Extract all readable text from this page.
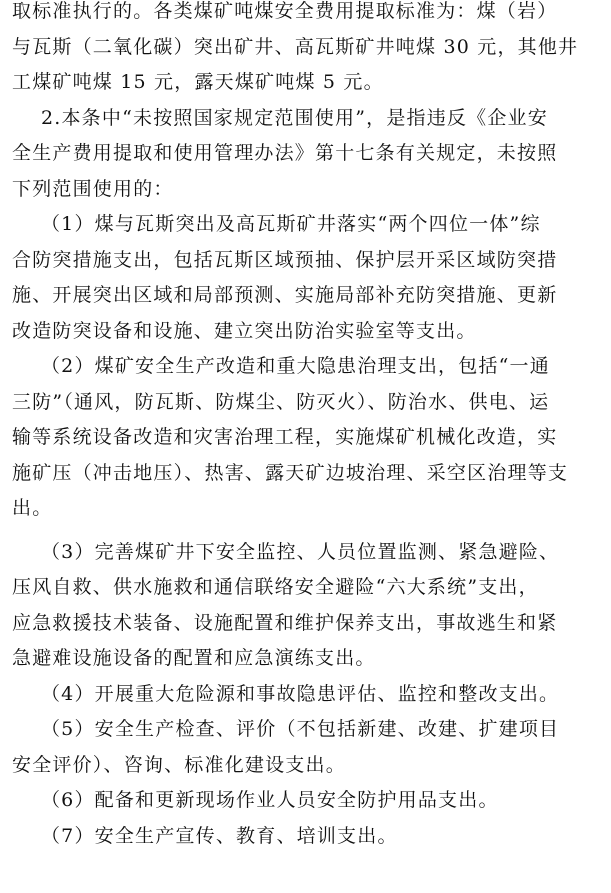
取标准执行的。各类煤矿吨煤安全费用提取标准为：煤（岩）
与瓦斯（二氧化碳）突出矿井、高瓦斯矿井吨煤 30 元，其他井
工煤矿吨煤 15 元，露天煤矿吨煤 5 元。
2.本条中“未按照国家规定范围使用”，是指违反《企业安
全生产费用提取和使用管理办法》第十七条有关规定，未按照
下列范围使用的：
（1）煤与瓦斯突出及高瓦斯矿井落实“两个四位一体”综
合防突措施支出，包括瓦斯区域预抽、保护层开采区域防突措
施、开展突出区域和局部预测、实施局部补充防突措施、更新
改造防突设备和设施、建立突出防治实验室等支出。
（2）煤矿安全生产改造和重大隐患治理支出，包括“一通
三防”（通风，防瓦斯、防煤尘、防灭火）、防治水、供电、运
输等系统设备改造和灾害治理工程，实施煤矿机械化改造，实
施矿压（冲击地压）、热害、露天矿边坡治理、采空区治理等支
出。
（3）完善煤矿井下安全监控、人员位置监测、紧急避险、
压风自救、供水施救和通信联络安全避险“六大系统”支出，
应急救援技术装备、设施配置和维护保养支出，事故逃生和紧
急避难设施设备的配置和应急演练支出。
（4）开展重大危险源和事故隐患评估、监控和整改支出。
（5）安全生产检查、评价（不包括新建、改建、扩建项目
安全评价）、咨询、标准化建设支出。
（6）配备和更新现场作业人员安全防护用品支出。
（7）安全生产宣传、教育、培训支出。
